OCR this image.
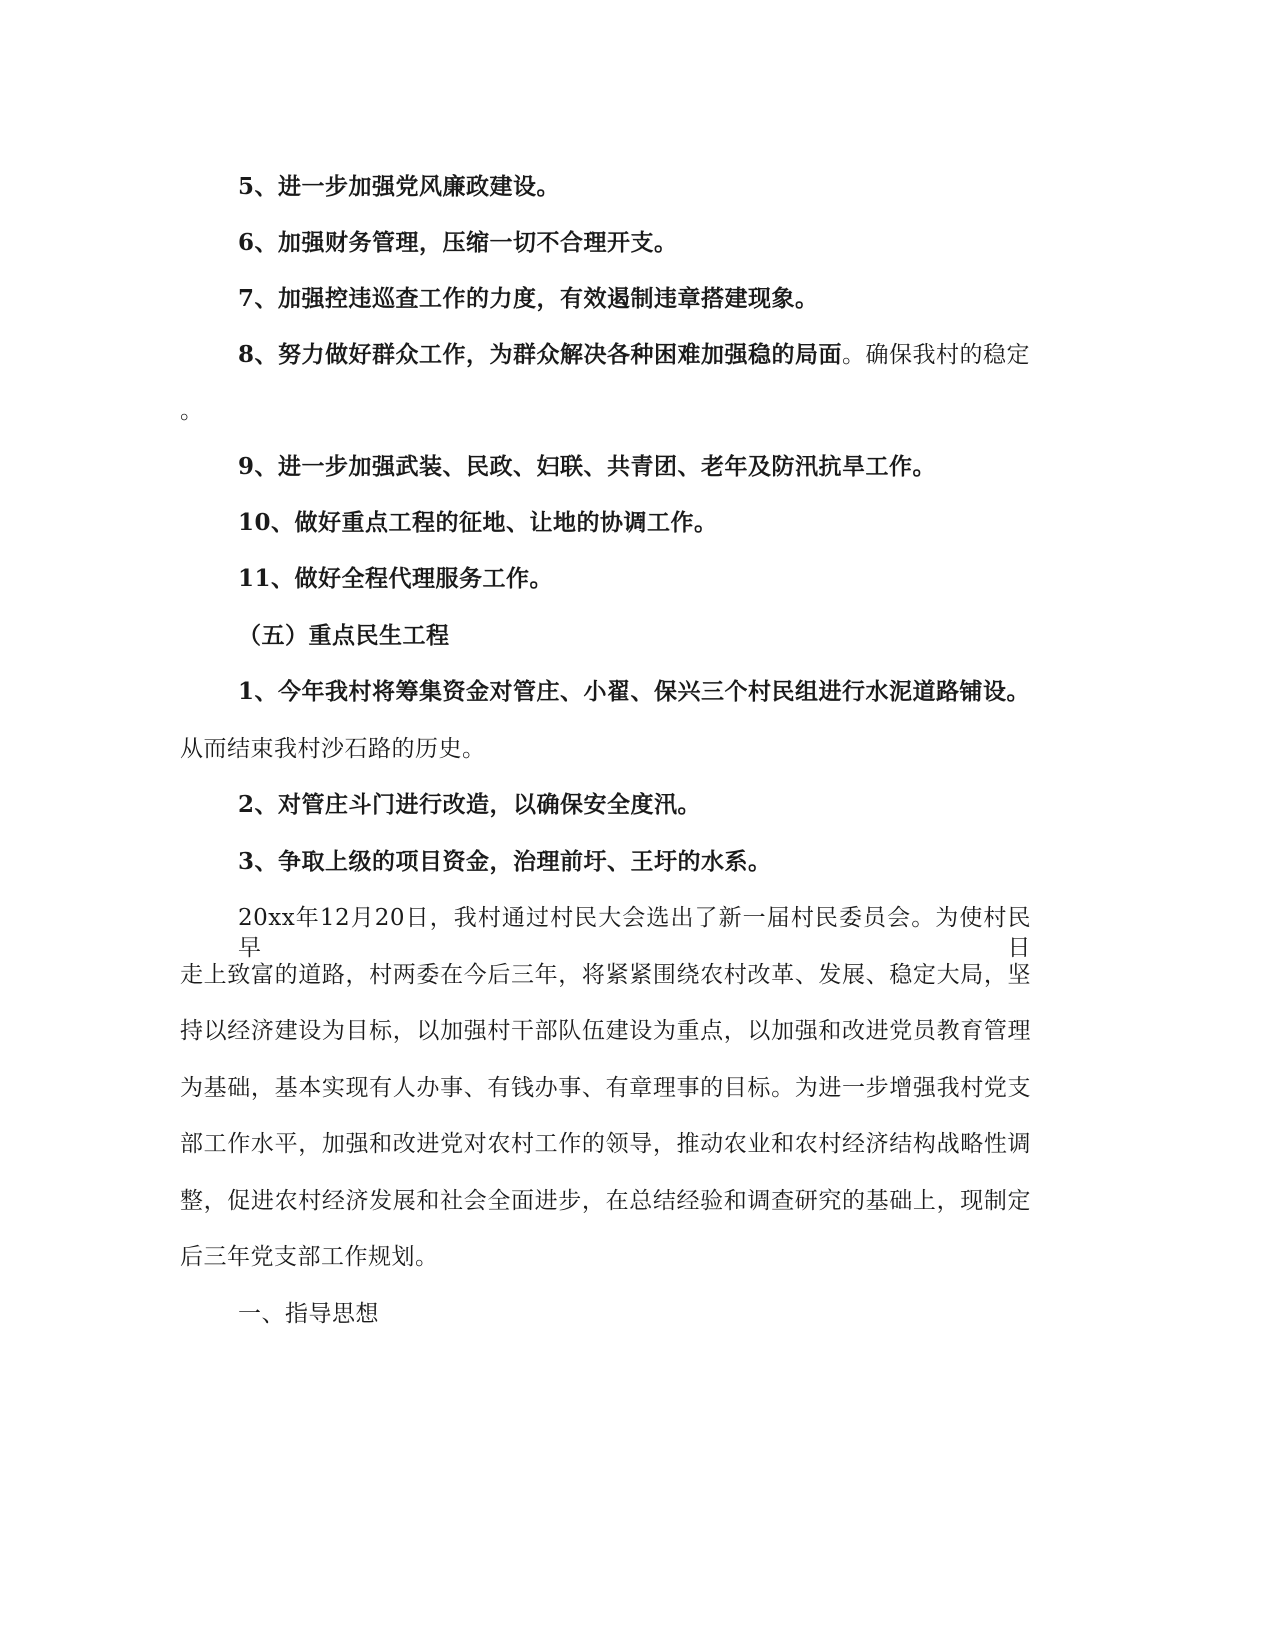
5、进一步加强党风廉政建设。
6、加强财务管理，压缩一切不合理开支。
7、加强控违巡查工作的力度，有效遏制违章搭建现象。
8、努力做好群众工作，为群众解决各种困难加强稳的局面。确保我村的稳定
。
9、进一步加强武装、民政、妇联、共青团、老年及防汛抗旱工作。
10、做好重点工程的征地、让地的协调工作。
11、做好全程代理服务工作。
（五）重点民生工程
1、今年我村将筹集资金对管庄、小翟、保兴三个村民组进行水泥道路铺设。
从而结束我村沙石路的历史。
2、对管庄斗门进行改造，以确保安全度汛。
3、争取上级的项目资金，治理前圩、王圩的水系。
20xx年12月20日，我村通过村民大会选出了新一届村民委员会。为使村民早日
走上致富的道路，村两委在今后三年，将紧紧围绕农村改革、发展、稳定大局，坚
持以经济建设为目标，以加强村干部队伍建设为重点，以加强和改进党员教育管理
为基础，基本实现有人办事、有钱办事、有章理事的目标。为进一步增强我村党支
部工作水平，加强和改进党对农村工作的领导，推动农业和农村经济结构战略性调
整，促进农村经济发展和社会全面进步，在总结经验和调查研究的基础上，现制定
后三年党支部工作规划。
一、指导思想
